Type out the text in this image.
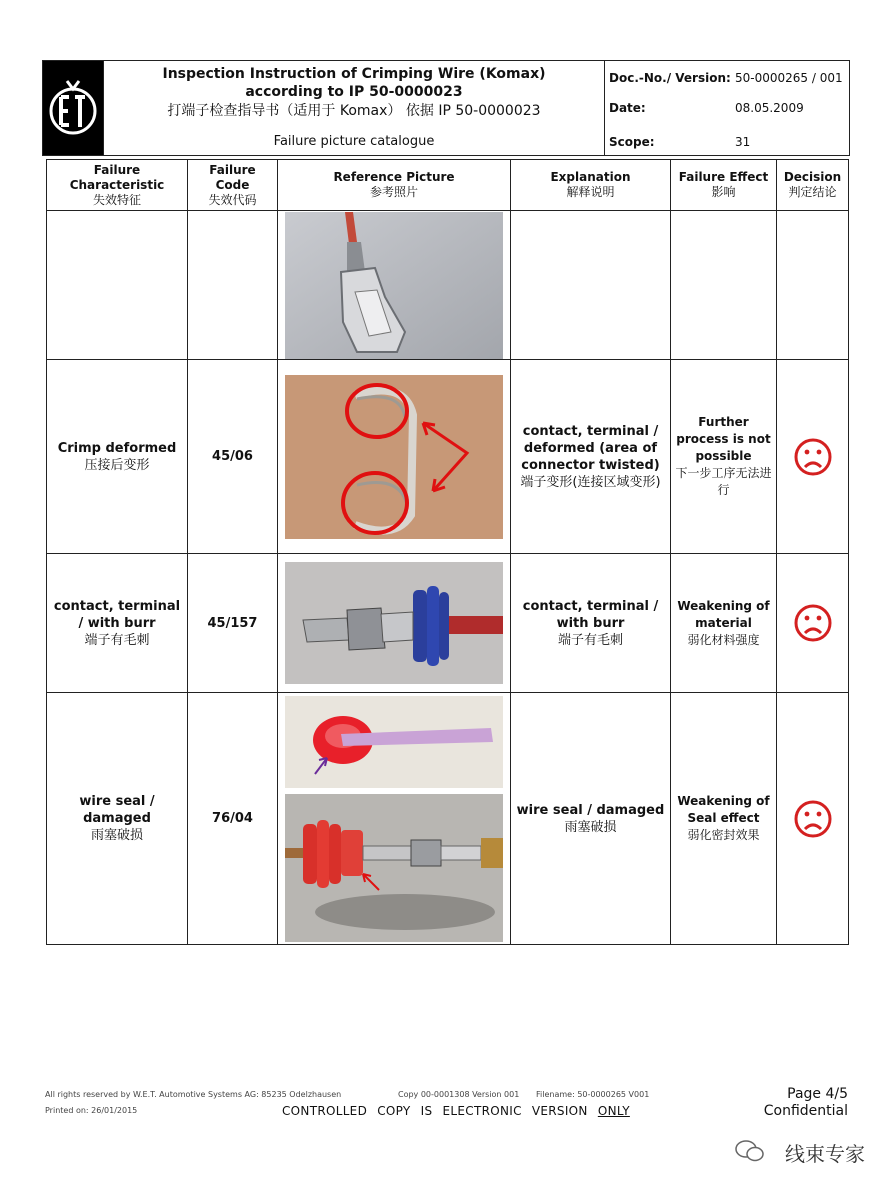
Inspection Instruction of Crimping Wire (Komax)
according to IP 50-0000023
打端子检查指导书（适用于 Komax） 依据 IP 50-0000023
Failure picture catalogue
Doc.-No./ Version: 50-0000265 / 001
Date:	08.05.2009
Scope:	31
Failure Characteristic
失效特征	Failure Code
失效代码	Reference Picture
参考照片	Explanation
解释说明	Failure Effect
影响	Decision
判定结论

Crimp deformed
压接后变形	45/06		contact, terminal / deformed (area of connector twisted)
端子变形(连接区域变形)	Further process is not possible
下一步工序无法进行

contact, terminal / with burr
端子有毛刺	45/157		contact, terminal / with burr
端子有毛刺	Weakening of material
弱化材料强度

wire seal / damaged
雨塞破损	76/04		wire seal / damaged
雨塞破损	Weakening of Seal effect
弱化密封效果

All rights reserved by W.E.T. Automotive Systems AG: 85235 Odelzhausen	Copy 00-0001308 Version 001 Filename: 50-0000265 V001
Printed on: 26/01/2015	CONTROLLED COPY IS ELECTRONIC VERSION ONLY
Page 4/5
Confidential
线束专家
